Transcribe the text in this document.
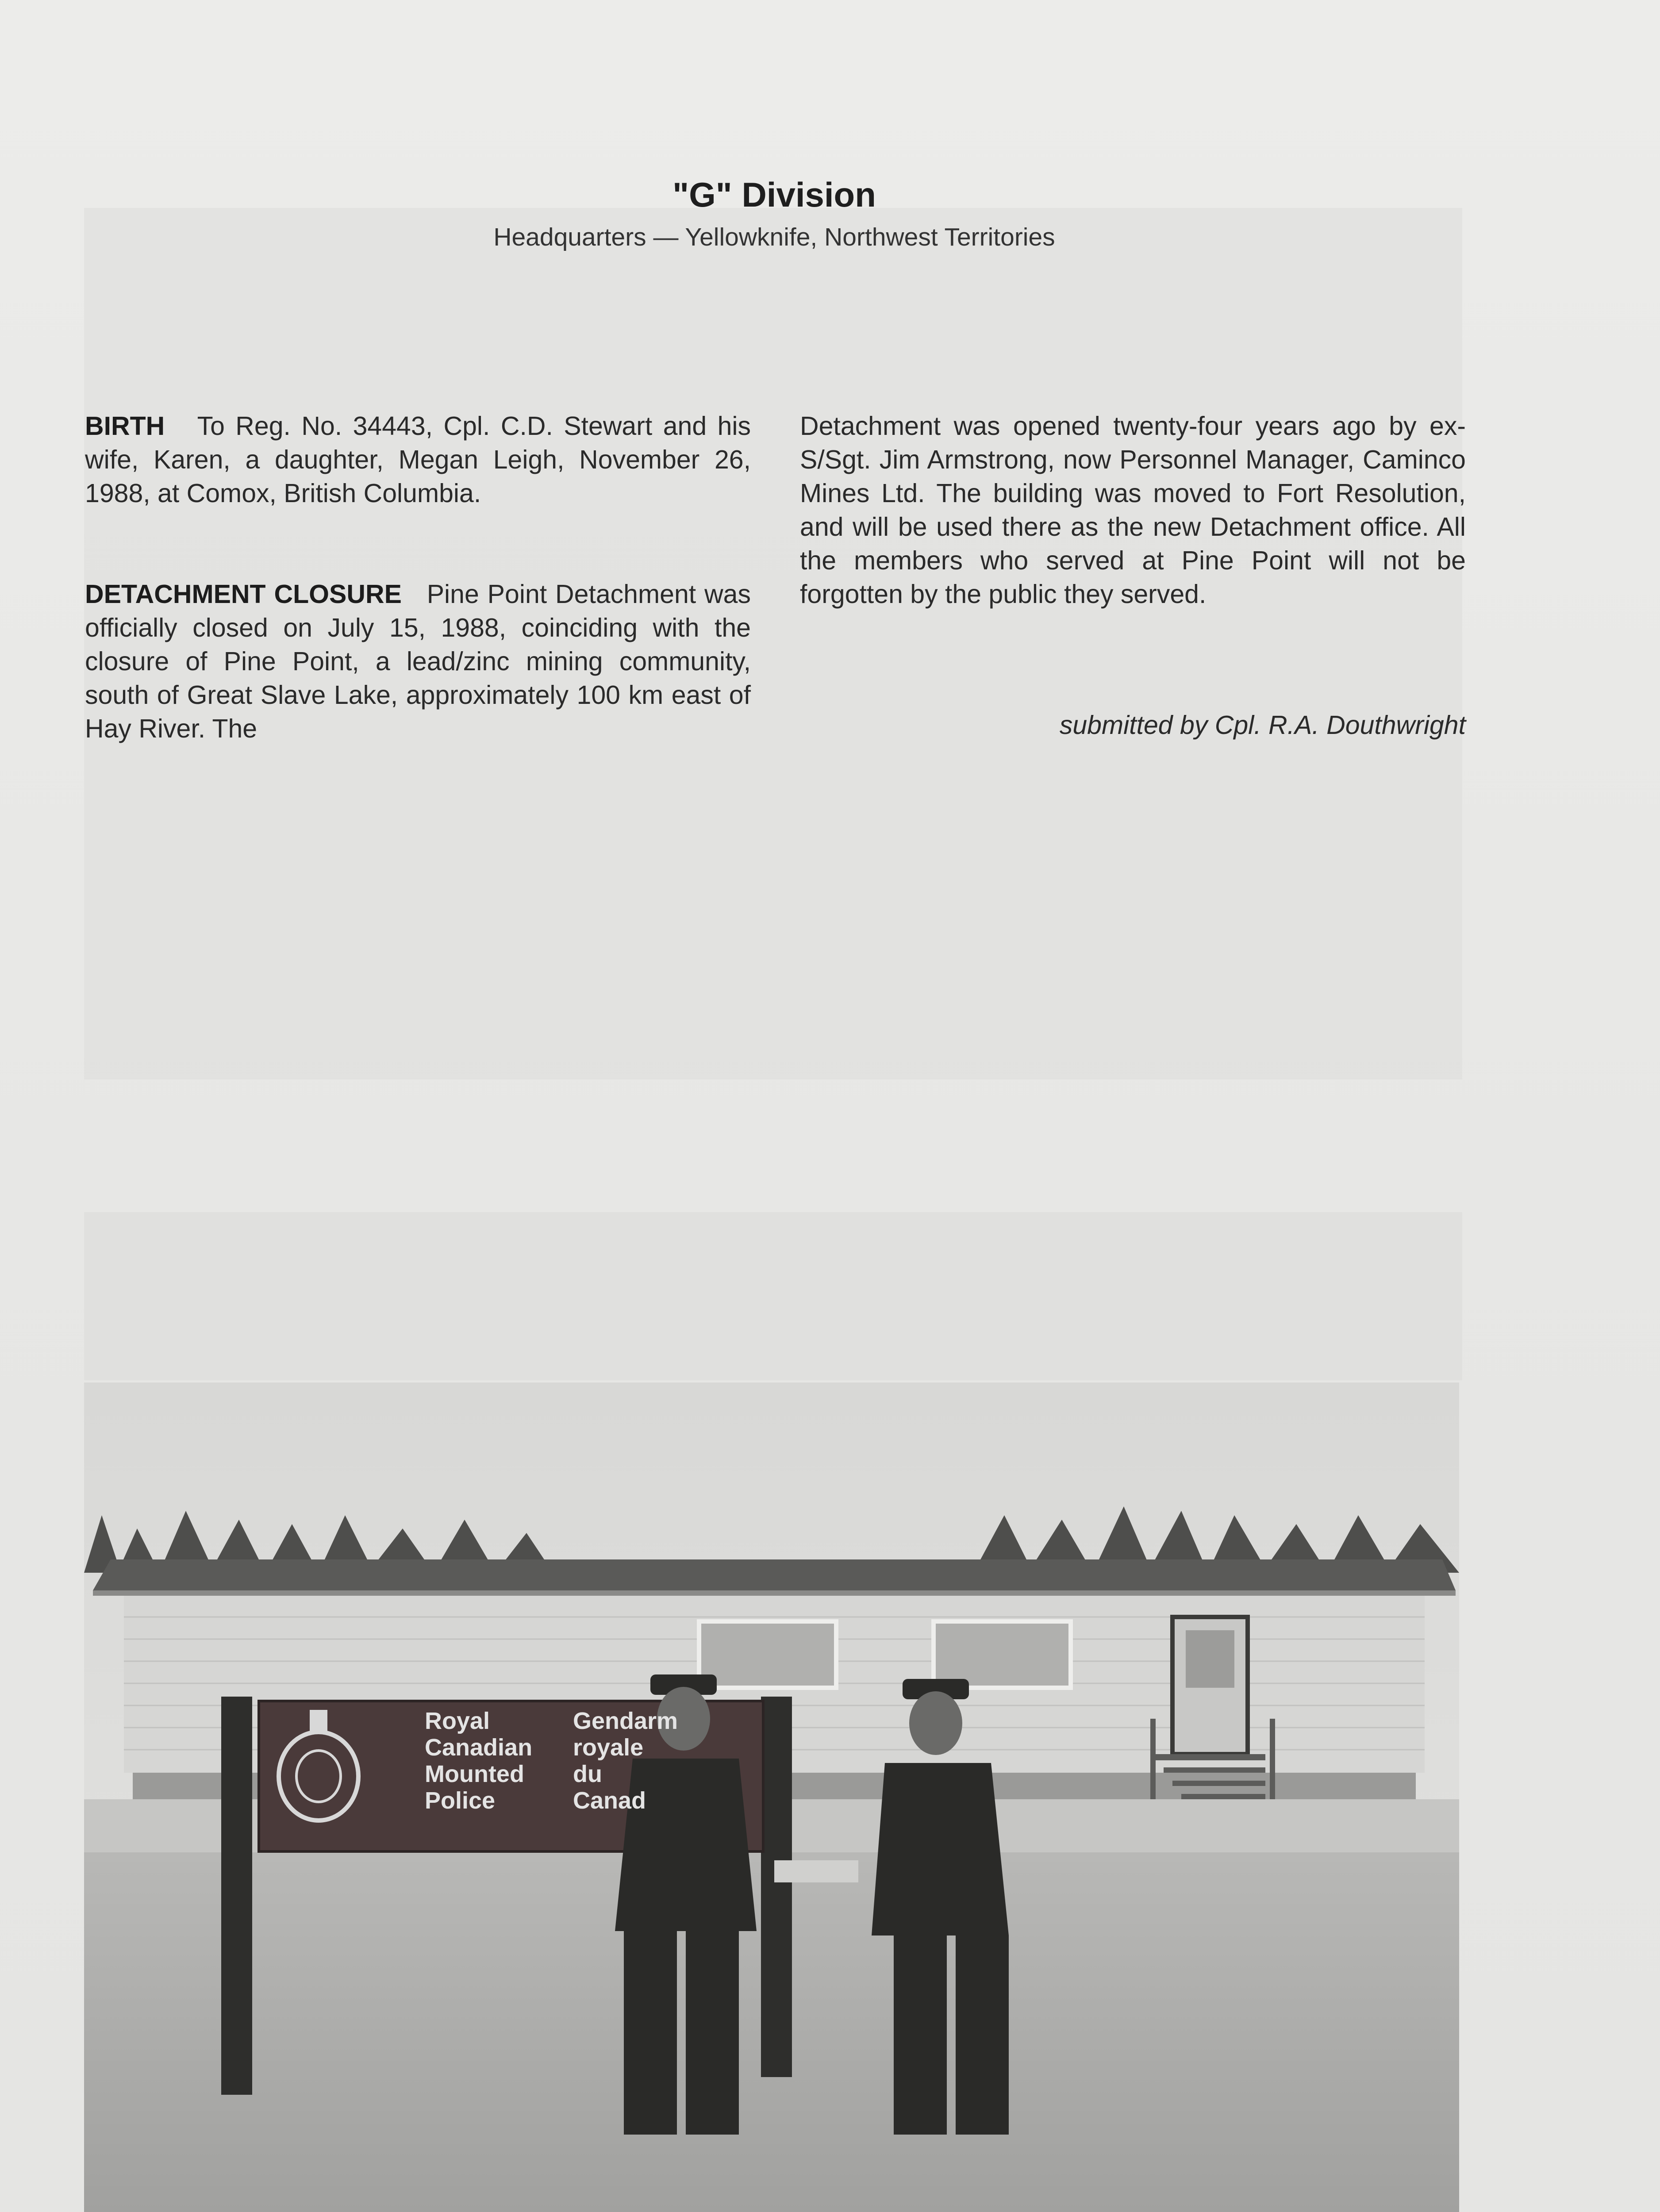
"G" Division
Headquarters — Yellowknife, Northwest Territories

BIRTH To Reg. No. 34443, Cpl. C.D. Stewart and his wife, Karen, a daughter, Megan Leigh, November 26, 1988, at Comox, British Columbia.

DETACHMENT CLOSURE Pine Point Detachment was officially closed on July 15, 1988, coinciding with the closure of Pine Point, a lead/zinc mining community, south of Great Slave Lake, approximately 100 km east of Hay River. The

Detachment was opened twenty-four years ago by ex-S/Sgt. Jim Armstrong, now Personnel Manager, Caminco Mines Ltd. The building was moved to Fort Resolution, and will be used there as the new Detachment office. All the members who served at Pine Point will not be forgotten by the public they served.

submitted by Cpl. R.A. Douthwright
Royal
Canadian
Mounted
Police
Gendarm
royale
du
Canad
